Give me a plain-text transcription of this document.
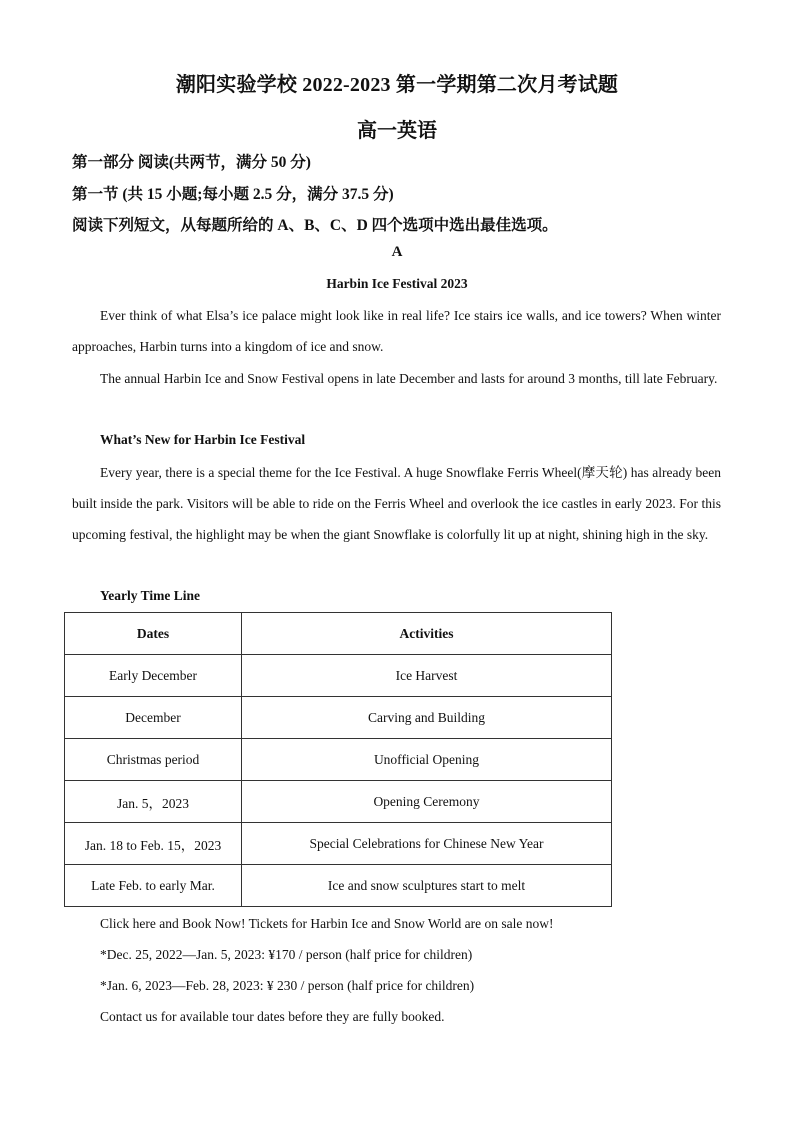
潮阳实验学校 2022-2023 第一学期第二次月考试题
高一英语
第一部分 阅读(共两节，满分 50 分)
第一节 (共 15 小题;每小题 2.5 分，满分 37.5 分)
阅读下列短文，从每题所给的 A、B、C、D 四个选项中选出最佳选项。
A
Harbin Ice Festival 2023

Ever think of what Elsa’s ice palace might look like in real life? Ice stairs ice walls, and ice towers? When winter approaches, Harbin turns into a kingdom of ice and snow.

The annual Harbin Ice and Snow Festival opens in late December and lasts for around 3 months, till late February.

What’s New for Harbin Ice Festival

Every year, there is a special theme for the Ice Festival. A huge Snowflake Ferris Wheel(摩天轮) has already been built inside the park. Visitors will be able to ride on the Ferris Wheel and overlook the ice castles in early 2023. For this upcoming festival, the highlight may be when the giant Snowflake is colorfully lit up at night, shining high in the sky.

Yearly Time Line
Dates	Activities
Early December	Ice Harvest
December	Carving and Building
Christmas period	Unofficial Opening
Jan. 5，2023	Opening Ceremony
Jan. 18 to Feb. 15，2023	Special Celebrations for Chinese New Year
Late Feb. to early Mar.	Ice and snow sculptures start to melt
Click here and Book Now! Tickets for Harbin Ice and Snow World are on sale now!
*Dec. 25, 2022—Jan. 5, 2023: ¥170 / person (half price for children)
*Jan. 6, 2023—Feb. 28, 2023: ¥ 230 / person (half price for children)
Contact us for available tour dates before they are fully booked.
